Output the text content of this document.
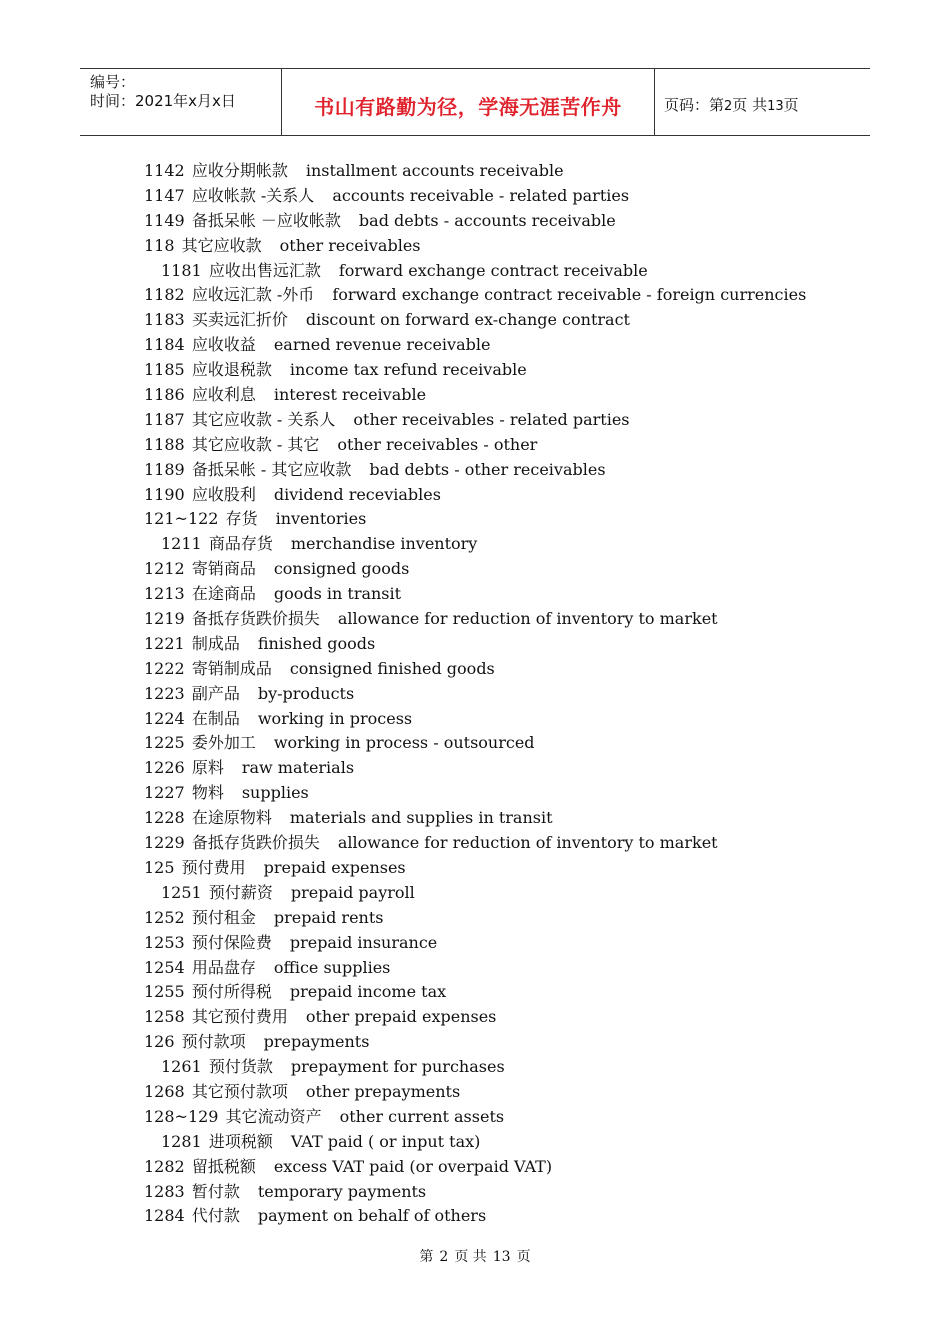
编号：
时间：2021年x月x日	书山有路勤为径，学海无涯苦作舟	页码：第2页 共13页
1142 应收分期帐款 installment accounts receivable
1147 应收帐款 -关系人 accounts receivable - related parties
1149 备抵呆帐 －应收帐款 bad debts - accounts receivable
118 其它应收款 other receivables
1181 应收出售远汇款 forward exchange contract receivable
1182 应收远汇款 -外币 forward exchange contract receivable - foreign currencies
1183 买卖远汇折价 discount on forward ex-change contract
1184 应收收益 earned revenue receivable
1185 应收退税款 income tax refund receivable
1186 应收利息 interest receivable
1187 其它应收款 - 关系人 other receivables - related parties
1188 其它应收款 - 其它 other receivables - other
1189 备抵呆帐 - 其它应收款 bad debts - other receivables
1190 应收股利 dividend receviables
121~122 存货 inventories
1211 商品存货 merchandise inventory
1212 寄销商品 consigned goods
1213 在途商品 goods in transit
1219 备抵存货跌价损失 allowance for reduction of inventory to market
1221 制成品 finished goods
1222 寄销制成品 consigned finished goods
1223 副产品 by-products
1224 在制品 working in process
1225 委外加工 working in process - outsourced
1226 原料 raw materials
1227 物料 supplies
1228 在途原物料 materials and supplies in transit
1229 备抵存货跌价损失 allowance for reduction of inventory to market
125 预付费用 prepaid expenses
1251 预付薪资 prepaid payroll
1252 预付租金 prepaid rents
1253 预付保险费 prepaid insurance
1254 用品盘存 office supplies
1255 预付所得税 prepaid income tax
1258 其它预付费用 other prepaid expenses
126 预付款项 prepayments
1261 预付货款 prepayment for purchases
1268 其它预付款项 other prepayments
128~129 其它流动资产 other current assets
1281 进项税额 VAT paid ( or input tax)
1282 留抵税额 excess VAT paid (or overpaid VAT)
1283 暂付款 temporary payments
1284 代付款 payment on behalf of others
第 2 页 共 13 页
